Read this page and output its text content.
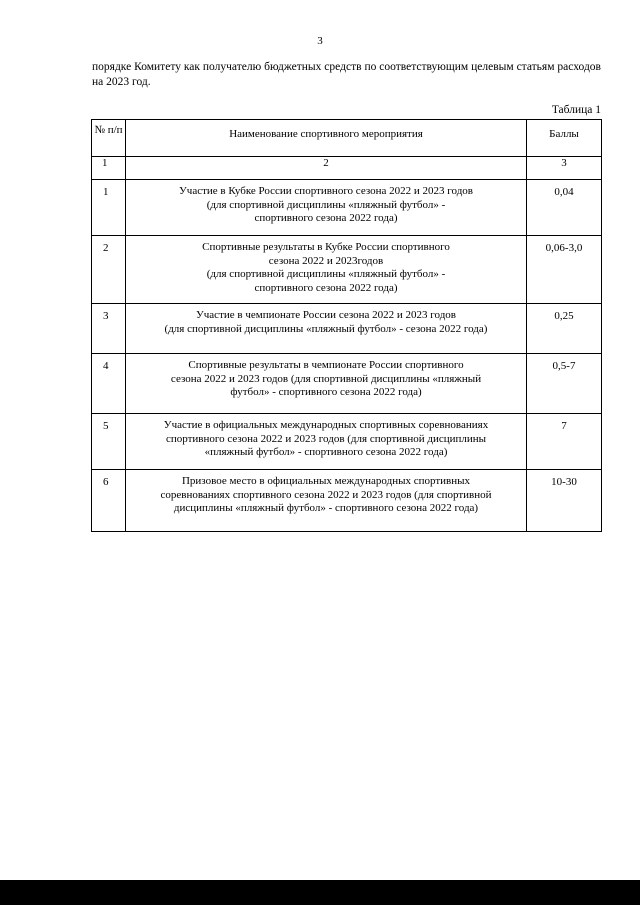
3
порядке Комитету как получателю бюджетных средств по соответствующим целевым статьям расходов на 2023 год.
Таблица 1
№ п/п	Наименование спортивного мероприятия	Баллы
1	2	3
1	Участие в Кубке России спортивного сезона 2022 и 2023 годов
(для спортивной дисциплины «пляжный футбол» -
спортивного сезона 2022 года)	0,04
2	Спортивные результаты в Кубке России спортивного
сезона 2022 и 2023годов
(для спортивной дисциплины «пляжный футбол» -
спортивного сезона 2022 года)	0,06-3,0
3	Участие в чемпионате России сезона 2022 и 2023 годов
(для спортивной дисциплины «пляжный футбол» - сезона 2022 года)	0,25
4	Спортивные результаты в чемпионате России спортивного
сезона 2022 и 2023 годов (для спортивной дисциплины «пляжный
футбол» - спортивного сезона 2022 года)	0,5-7
5	Участие в официальных международных спортивных соревнованиях
спортивного сезона 2022 и 2023 годов (для спортивной дисциплины
«пляжный футбол» - спортивного сезона 2022 года)	7
6	Призовое место в официальных международных спортивных
соревнованиях спортивного сезона 2022 и 2023 годов (для спортивной
дисциплины «пляжный футбол» - спортивного сезона 2022 года)	10-30
